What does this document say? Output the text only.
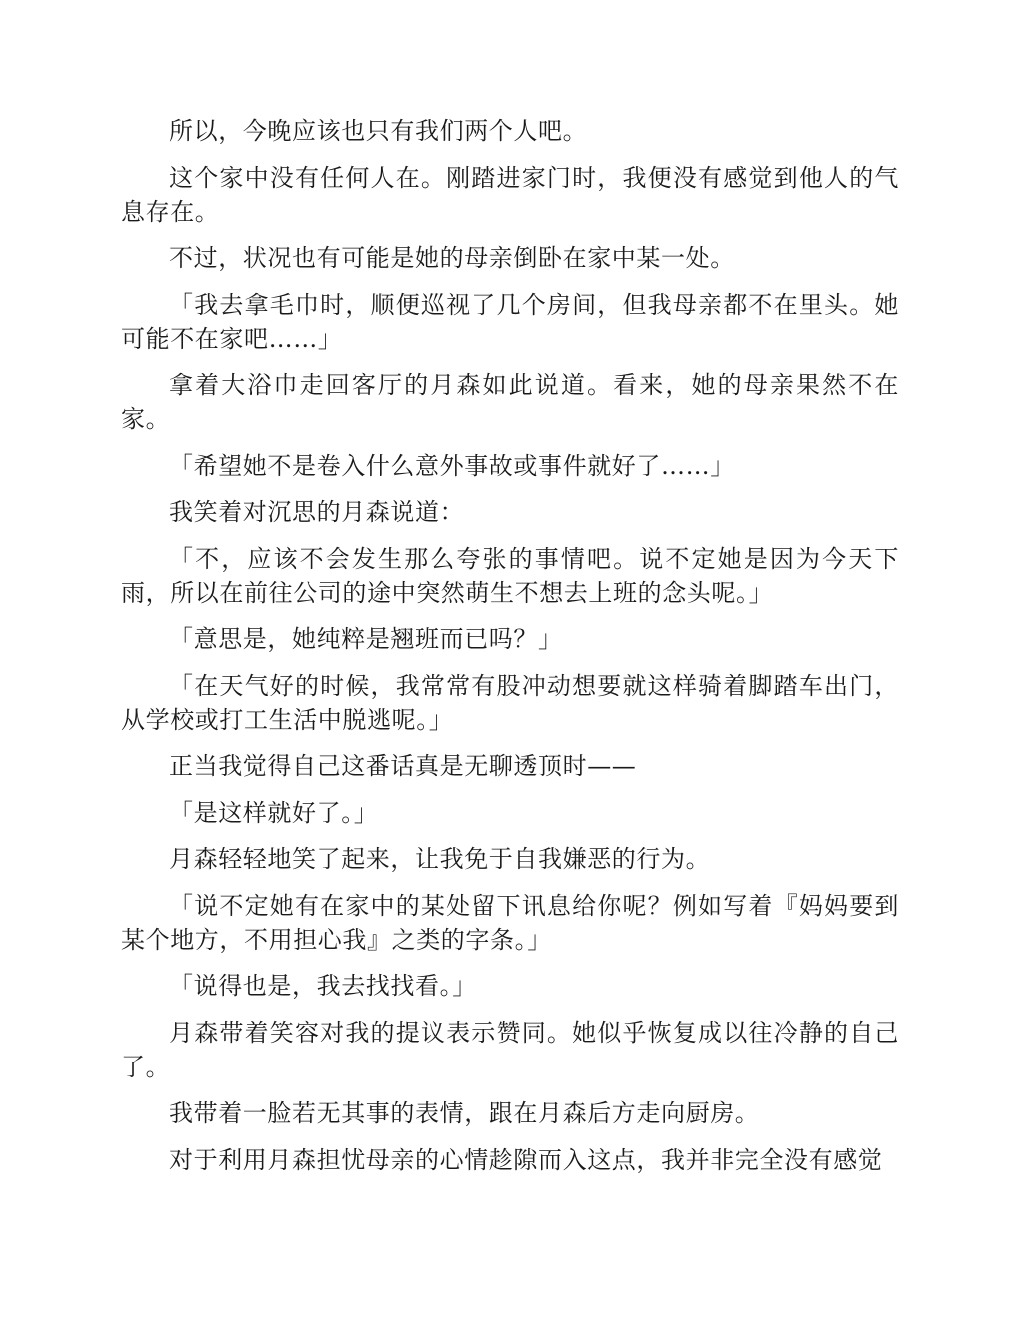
所以，今晚应该也只有我们两个人吧。

这个家中没有任何人在。刚踏进家门时，我便没有感觉到他人的气息存在。

不过，状况也有可能是她的母亲倒卧在家中某一处。

「我去拿毛巾时，顺便巡视了几个房间，但我母亲都不在里头。她可能不在家吧……」

拿着大浴巾走回客厅的月森如此说道。看来，她的母亲果然不在家。

「希望她不是卷入什么意外事故或事件就好了……」

我笑着对沉思的月森说道：

「不，应该不会发生那么夸张的事情吧。说不定她是因为今天下雨，所以在前往公司的途中突然萌生不想去上班的念头呢。」

「意思是，她纯粹是翘班而已吗？」

「在天气好的时候，我常常有股冲动想要就这样骑着脚踏车出门，从学校或打工生活中脱逃呢。」

正当我觉得自己这番话真是无聊透顶时——

「是这样就好了。」

月森轻轻地笑了起来，让我免于自我嫌恶的行为。

「说不定她有在家中的某处留下讯息给你呢？例如写着『妈妈要到某个地方，不用担心我』之类的字条。」

「说得也是，我去找找看。」

月森带着笑容对我的提议表示赞同。她似乎恢复成以往冷静的自己了。

我带着一脸若无其事的表情，跟在月森后方走向厨房。

对于利用月森担忧母亲的心情趁隙而入这点，我并非完全没有感觉
